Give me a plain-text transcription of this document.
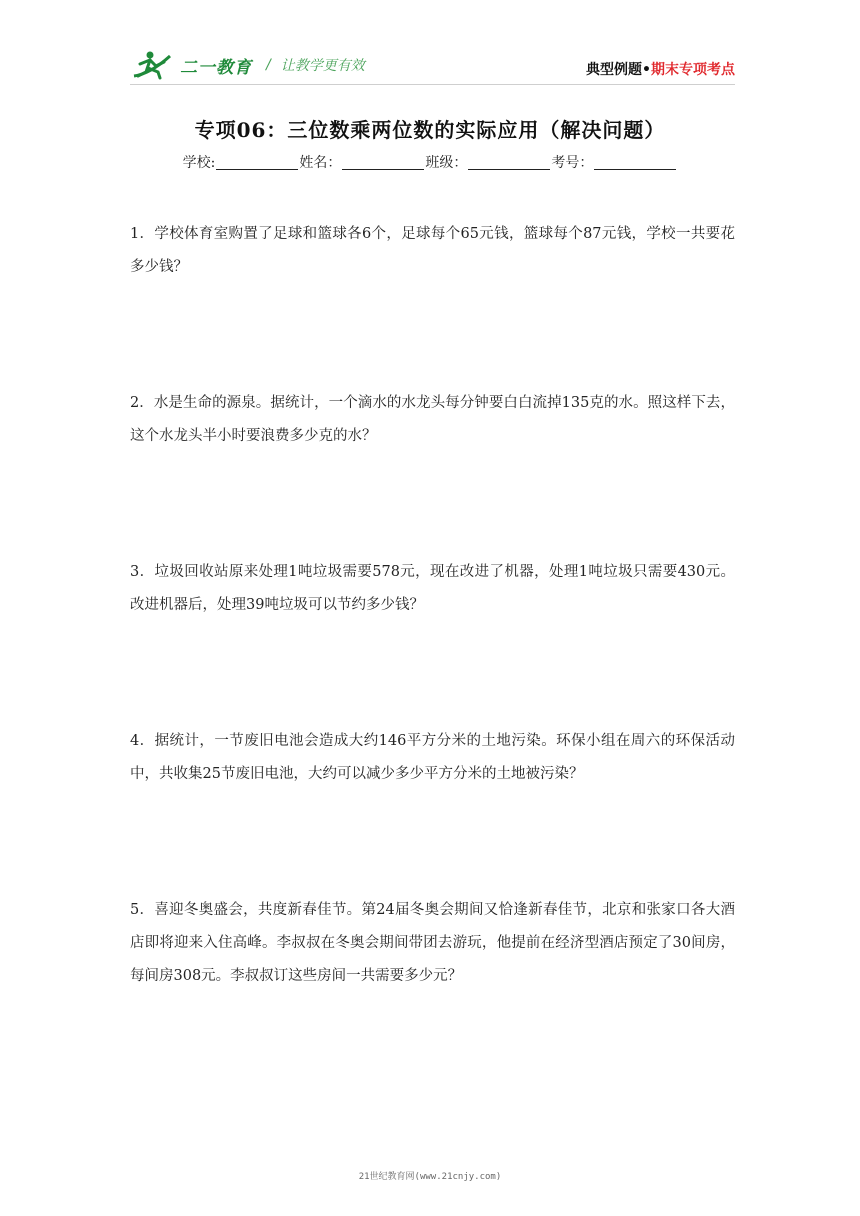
二一教育 / 让教学更有效	典型例题•期末专项考点
专项06：三位数乘两位数的实际应用（解决问题）
学校:	姓名：	班级：	考号：
1．学校体育室购置了足球和篮球各6个，足球每个65元钱，篮球每个87元钱，学校一共要花多少钱？
2．水是生命的源泉。据统计，一个滴水的水龙头每分钟要白白流掉135克的水。照这样下去，这个水龙头半小时要浪费多少克的水？
3．垃圾回收站原来处理1吨垃圾需要578元，现在改进了机器，处理1吨垃圾只需要430元。改进机器后，处理39吨垃圾可以节约多少钱？
4．据统计，一节废旧电池会造成大约146平方分米的土地污染。环保小组在周六的环保活动中，共收集25节废旧电池，大约可以减少多少平方分米的土地被污染？
5．喜迎冬奥盛会，共度新春佳节。第24届冬奥会期间又恰逢新春佳节，北京和张家口各大酒店即将迎来入住高峰。李叔叔在冬奥会期间带团去游玩，他提前在经济型酒店预定了30间房，每间房308元。李叔叔订这些房间一共需要多少元？
21世纪教育网(www.21cnjy.com)
